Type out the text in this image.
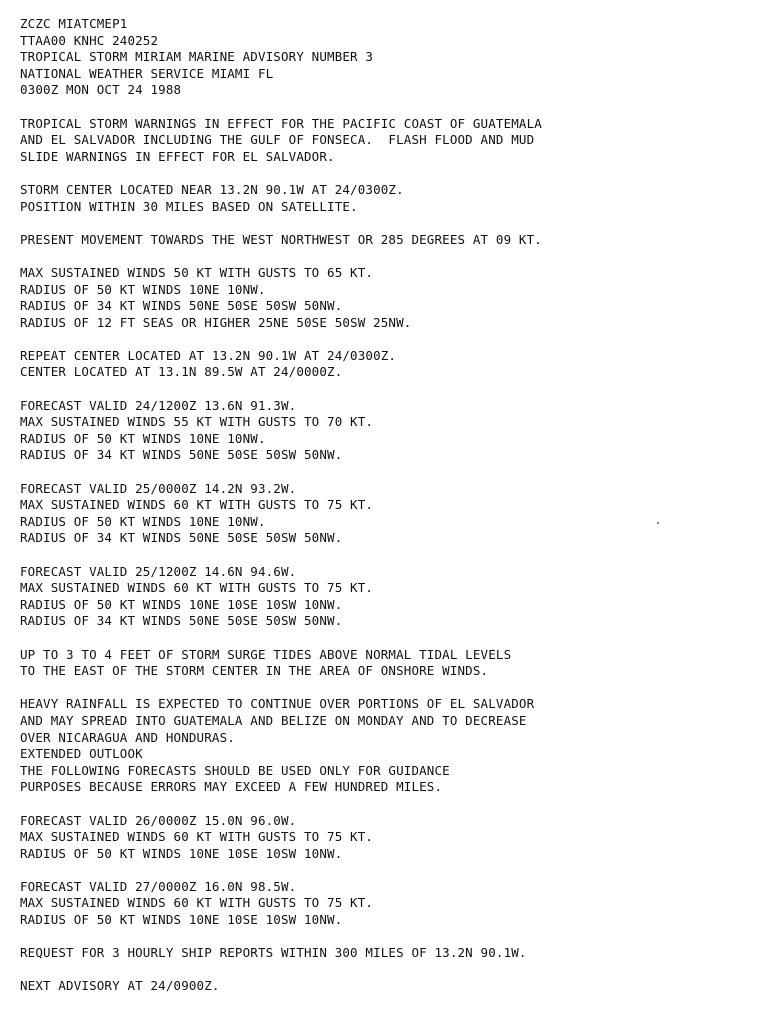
ZCZC MIATCMEP1
TTAA00 KNHC 240252
TROPICAL STORM MIRIAM MARINE ADVISORY NUMBER 3
NATIONAL WEATHER SERVICE MIAMI FL
0300Z MON OCT 24 1988
TROPICAL STORM WARNINGS IN EFFECT FOR THE PACIFIC COAST OF GUATEMALA
AND EL SALVADOR INCLUDING THE GULF OF FONSECA.  FLASH FLOOD AND MUD
SLIDE WARNINGS IN EFFECT FOR EL SALVADOR.
STORM CENTER LOCATED NEAR 13.2N 90.1W AT 24/0300Z.
POSITION WITHIN 30 MILES BASED ON SATELLITE.
PRESENT MOVEMENT TOWARDS THE WEST NORTHWEST OR 285 DEGREES AT 09 KT.
MAX SUSTAINED WINDS 50 KT WITH GUSTS TO 65 KT.
RADIUS OF 50 KT WINDS 10NE 10NW.
RADIUS OF 34 KT WINDS 50NE 50SE 50SW 50NW.
RADIUS OF 12 FT SEAS OR HIGHER 25NE 50SE 50SW 25NW.
REPEAT CENTER LOCATED AT 13.2N 90.1W AT 24/0300Z.
CENTER LOCATED AT 13.1N 89.5W AT 24/0000Z.
FORECAST VALID 24/1200Z 13.6N 91.3W.
MAX SUSTAINED WINDS 55 KT WITH GUSTS TO 70 KT.
RADIUS OF 50 KT WINDS 10NE 10NW.
RADIUS OF 34 KT WINDS 50NE 50SE 50SW 50NW.
FORECAST VALID 25/0000Z 14.2N 93.2W.
MAX SUSTAINED WINDS 60 KT WITH GUSTS TO 75 KT.
RADIUS OF 50 KT WINDS 10NE 10NW.
RADIUS OF 34 KT WINDS 50NE 50SE 50SW 50NW.
FORECAST VALID 25/1200Z 14.6N 94.6W.
MAX SUSTAINED WINDS 60 KT WITH GUSTS TO 75 KT.
RADIUS OF 50 KT WINDS 10NE 10SE 10SW 10NW.
RADIUS OF 34 KT WINDS 50NE 50SE 50SW 50NW.
UP TO 3 TO 4 FEET OF STORM SURGE TIDES ABOVE NORMAL TIDAL LEVELS
TO THE EAST OF THE STORM CENTER IN THE AREA OF ONSHORE WINDS.
HEAVY RAINFALL IS EXPECTED TO CONTINUE OVER PORTIONS OF EL SALVADOR
AND MAY SPREAD INTO GUATEMALA AND BELIZE ON MONDAY AND TO DECREASE
OVER NICARAGUA AND HONDURAS.
EXTENDED OUTLOOK
THE FOLLOWING FORECASTS SHOULD BE USED ONLY FOR GUIDANCE
PURPOSES BECAUSE ERRORS MAY EXCEED A FEW HUNDRED MILES.
FORECAST VALID 26/0000Z 15.0N 96.0W.
MAX SUSTAINED WINDS 60 KT WITH GUSTS TO 75 KT.
RADIUS OF 50 KT WINDS 10NE 10SE 10SW 10NW.
FORECAST VALID 27/0000Z 16.0N 98.5W.
MAX SUSTAINED WINDS 60 KT WITH GUSTS TO 75 KT.
RADIUS OF 50 KT WINDS 10NE 10SE 10SW 10NW.
REQUEST FOR 3 HOURLY SHIP REPORTS WITHIN 300 MILES OF 13.2N 90.1W.
NEXT ADVISORY AT 24/0900Z.
